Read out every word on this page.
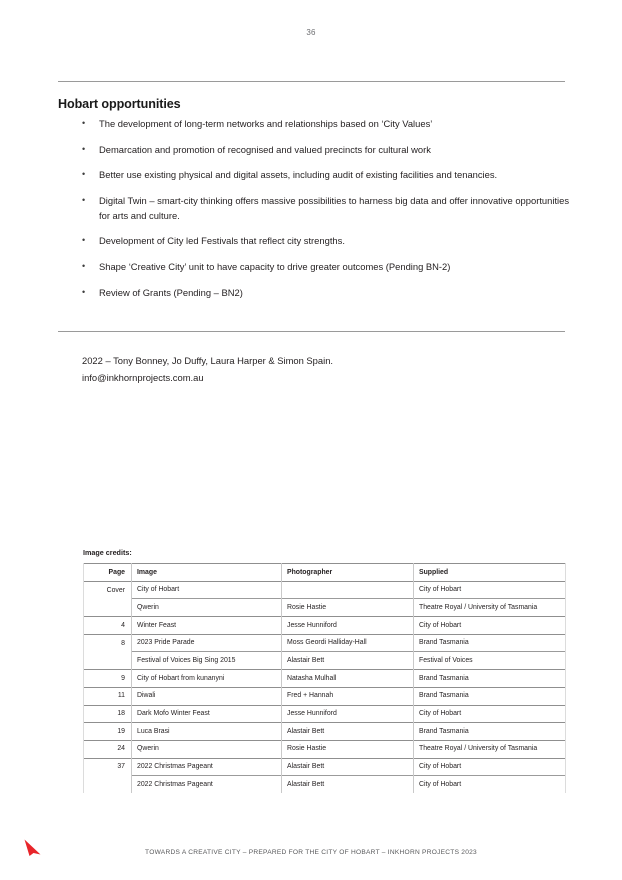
36
Hobart opportunities
•	The development of long-term networks and relationships based on ‘City Values’
•	Demarcation and promotion of recognised and valued precincts for cultural work
•	Better use existing physical and digital assets, including audit of existing facilities and tenancies.
•	Digital Twin – smart-city thinking offers massive possibilities to harness big data and offer innovative opportunities for arts and culture.
•	Development of City led Festivals that reflect city strengths.
•	Shape ‘Creative City’ unit to have capacity to drive greater outcomes (Pending BN-2)
•	Review of Grants (Pending – BN2)
2022 – Tony Bonney, Jo Duffy, Laura Harper & Simon Spain.
info@inkhornprojects.com.au
Image credits:
Page	Image	Photographer	Supplied
Cover	City of Hobart		City of Hobart
	Qwerin	Rosie Hastie	Theatre Royal / University of Tasmania
4	Winter Feast	Jesse Hunniford	City of Hobart
8	2023 Pride Parade	Moss Geordi Halliday-Hall	Brand Tasmania
	Festival of Voices Big Sing 2015	Alastair Bett	Festival of Voices
9	City of Hobart from kunanyni	Natasha Mulhall	Brand Tasmania
11	Diwali	Fred + Hannah	Brand Tasmania
18	Dark Mofo Winter Feast	Jesse Hunniford	City of Hobart
19	Luca Brasi	Alastair Bett	Brand Tasmania
24	Qwerin	Rosie Hastie	Theatre Royal / University of Tasmania
37	2022 Christmas Pageant	Alastair Bett	City of Hobart
	2022 Christmas Pageant	Alastair Bett	City of Hobart
TOWARDS A CREATIVE CITY – PREPARED FOR THE CITY OF HOBART – INKHORN PROJECTS 2023
